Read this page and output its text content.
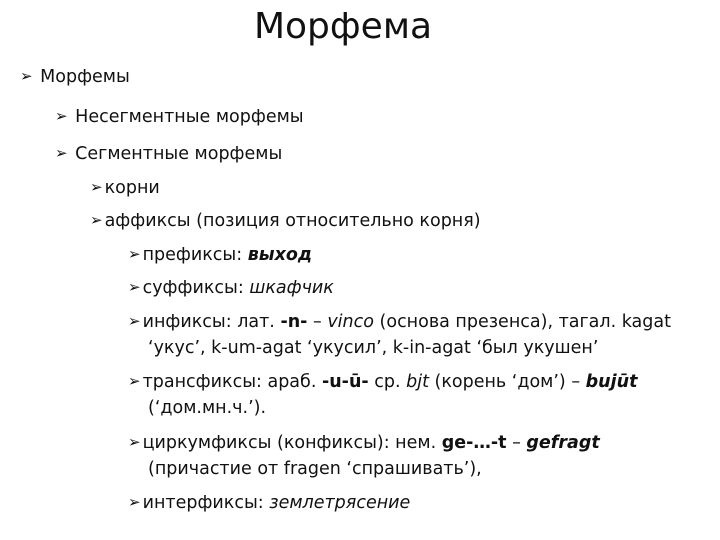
Морфема
➢ Морфемы
➢ Несегментные морфемы
➢ Сегментные морфемы
➢ корни
➢ аффиксы (позиция относительно корня)
➢ префиксы: выход
➢ суффиксы: шкафчик
➢ инфиксы: лат. -n- – vinco (основа презенса), тагал. kagat
‘укус’, k-um-agat ‘укусил’, k-in-agat ‘был укушен’
➢ трансфиксы: араб. -u-ū- ср. bjt (корень ‘дом’) – bujūt
(‘дом.мн.ч.’).
➢ циркумфиксы (конфиксы): нем. ge-…-t – gefragt
(причастие от fragen ‘спрашивать’),
➢ интерфиксы: землетрясение
